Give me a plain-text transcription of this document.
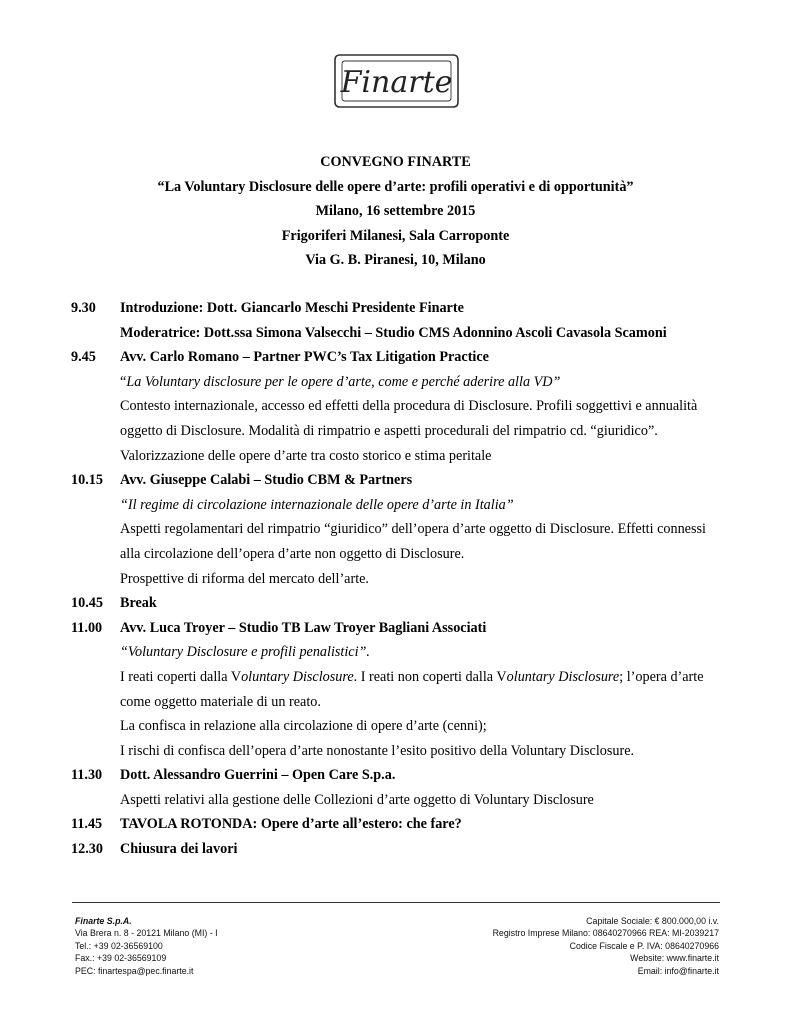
Finarte
CONVEGNO FINARTE
“La Voluntary Disclosure delle opere d’arte: profili operativi e di opportunità”
Milano, 16 settembre 2015
Frigoriferi Milanesi, Sala Carroponte
Via G. B. Piranesi, 10, Milano
9.30 Introduzione: Dott. Giancarlo Meschi Presidente Finarte
Moderatrice: Dott.ssa Simona Valsecchi – Studio CMS Adonnino Ascoli Cavasola Scamoni
9.45 Avv. Carlo Romano – Partner PWC’s Tax Litigation Practice
“La Voluntary disclosure per le opere d’arte, come e perché aderire alla VD”
Contesto internazionale, accesso ed effetti della procedura di Disclosure. Profili soggettivi e annualità
oggetto di Disclosure. Modalità di rimpatrio e aspetti procedurali del rimpatrio cd. “giuridico”.
Valorizzazione delle opere d’arte tra costo storico e stima peritale
10.15 Avv. Giuseppe Calabi – Studio CBM & Partners
“Il regime di circolazione internazionale delle opere d’arte in Italia”
Aspetti regolamentari del rimpatrio “giuridico” dell’opera d’arte oggetto di Disclosure. Effetti connessi
alla circolazione dell’opera d’arte non oggetto di Disclosure.
Prospettive di riforma del mercato dell’arte.
10.45 Break
11.00 Avv. Luca Troyer – Studio TB Law Troyer Bagliani Associati
“Voluntary Disclosure e profili penalistici”.
I reati coperti dalla Voluntary Disclosure. I reati non coperti dalla Voluntary Disclosure; l’opera d’arte
come oggetto materiale di un reato.
La confisca in relazione alla circolazione di opere d’arte (cenni);
I rischi di confisca dell’opera d’arte nonostante l’esito positivo della Voluntary Disclosure.
11.30 Dott. Alessandro Guerrini – Open Care S.p.a.
Aspetti relativi alla gestione delle Collezioni d’arte oggetto di Voluntary Disclosure
11.45 TAVOLA ROTONDA: Opere d’arte all’estero: che fare?
12.30 Chiusura dei lavori
Finarte S.p.A.
Via Brera n. 8 - 20121 Milano (MI) - I
Tel.: +39 02-36569100
Fax.: +39 02-36569109
PEC: finartespa@pec.finarte.it
Capitale Sociale: € 800.000,00 i.v.
Registro Imprese Milano: 08640270966 REA: MI-2039217
Codice Fiscale e P. IVA: 08640270966
Website: www.finarte.it
Email: info@finarte.it
